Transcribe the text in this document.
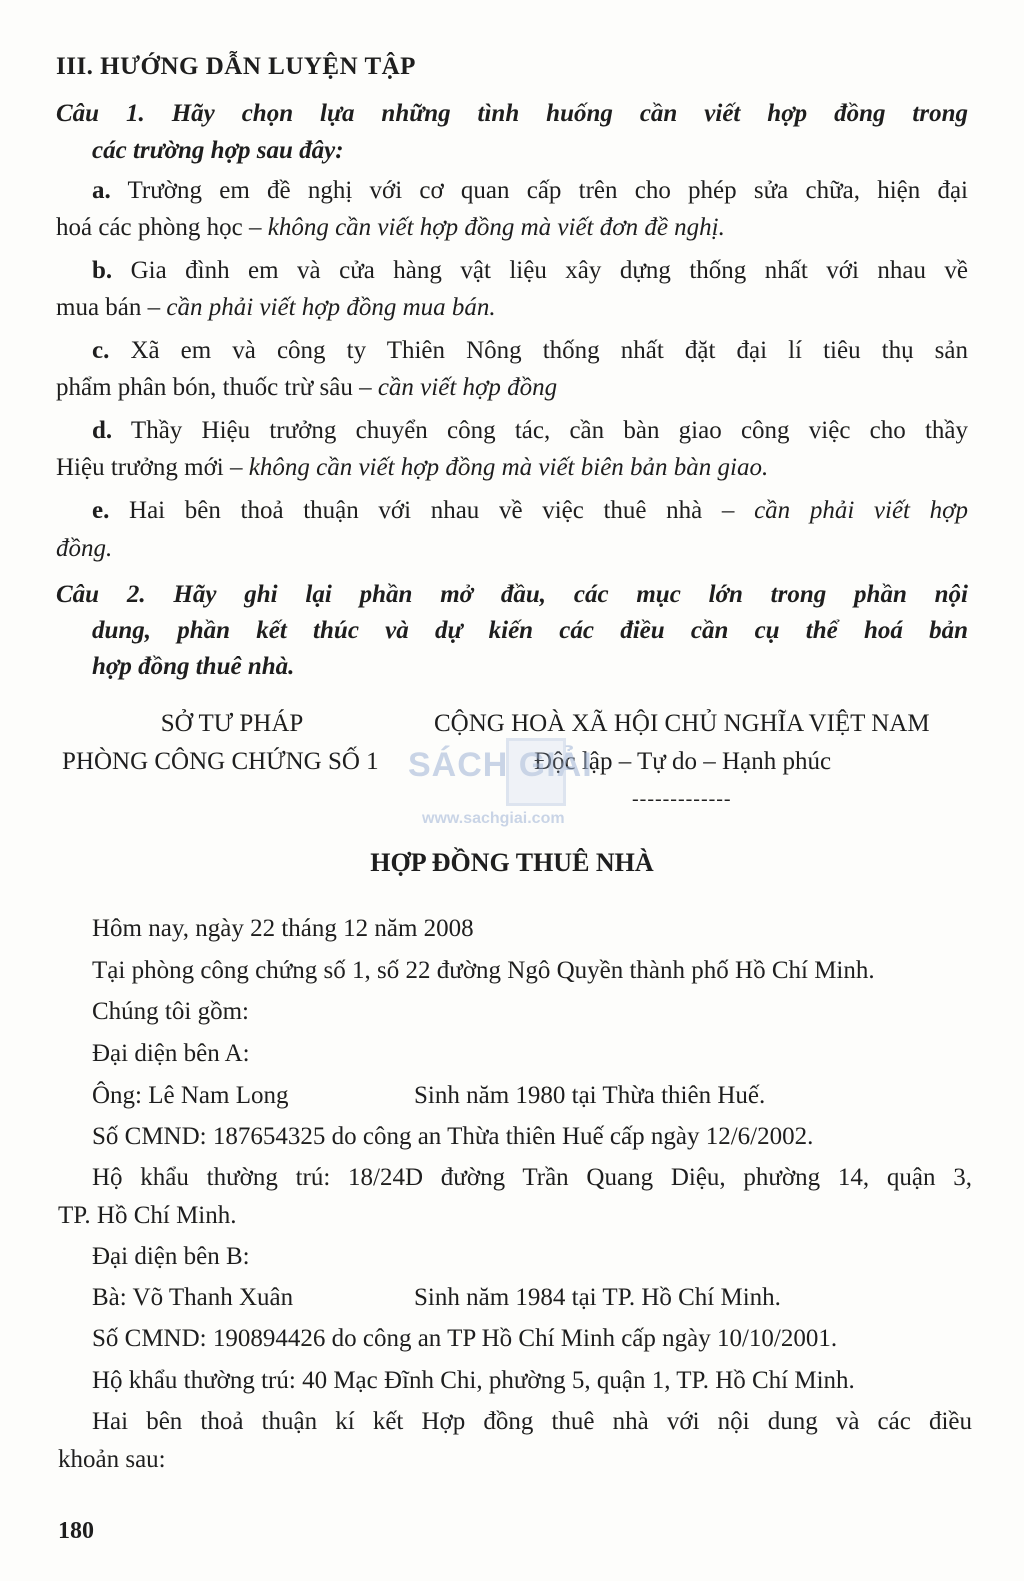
III. HƯỚNG DẪN LUYỆN TẬP
Câu 1. Hãy chọn lựa những tình huống cần viết hợp đồng trong
các trường hợp sau đây:
a. Trường em đề nghị với cơ quan cấp trên cho phép sửa chữa, hiện đại
hoá các phòng học – không cần viết hợp đồng mà viết đơn đề nghị.
b. Gia đình em và cửa hàng vật liệu xây dựng thống nhất với nhau về
mua bán – cần phải viết hợp đồng mua bán.
c. Xã em và công ty Thiên Nông thống nhất đặt đại lí tiêu thụ sản
phẩm phân bón, thuốc trừ sâu – cần viết hợp đồng
d. Thầy Hiệu trưởng chuyển công tác, cần bàn giao công việc cho thầy
Hiệu trưởng mới – không cần viết hợp đồng mà viết biên bản bàn giao.
e. Hai bên thoả thuận với nhau về việc thuê nhà – cần phải viết hợp
đồng.
Câu 2. Hãy ghi lại phần mở đầu, các mục lớn trong phần nội
dung, phần kết thúc và dự kiến các điều cần cụ thể hoá bản
hợp đồng thuê nhà.
SỞ TƯ PHÁP
PHÒNG CÔNG CHỨNG SỐ 1
CỘNG HOÀ XÃ HỘI CHỦ NGHĨA VIỆT NAM
Độc lập – Tự do – Hạnh phúc
-------------
SÁCH GIẢI
www.sachgiai.com
HỢP ĐỒNG THUÊ NHÀ
Hôm nay, ngày 22 tháng 12 năm 2008
Tại phòng công chứng số 1, số 22 đường Ngô Quyền thành phố Hồ Chí Minh.
Chúng tôi gồm:
Đại diện bên A:
Ông: Lê Nam Long	Sinh năm 1980 tại Thừa thiên Huế.
Số CMND: 187654325 do công an Thừa thiên Huế cấp ngày 12/6/2002.
Hộ khẩu thường trú: 18/24D đường Trần Quang Diệu, phường 14, quận 3,
TP. Hồ Chí Minh.
Đại diện bên B:
Bà: Võ Thanh Xuân	Sinh năm 1984 tại TP. Hồ Chí Minh.
Số CMND: 190894426 do công an TP Hồ Chí Minh cấp ngày 10/10/2001.
Hộ khẩu thường trú: 40 Mạc Đĩnh Chi, phường 5, quận 1, TP. Hồ Chí Minh.
Hai bên thoả thuận kí kết Hợp đồng thuê nhà với nội dung và các điều
khoản sau:
180
